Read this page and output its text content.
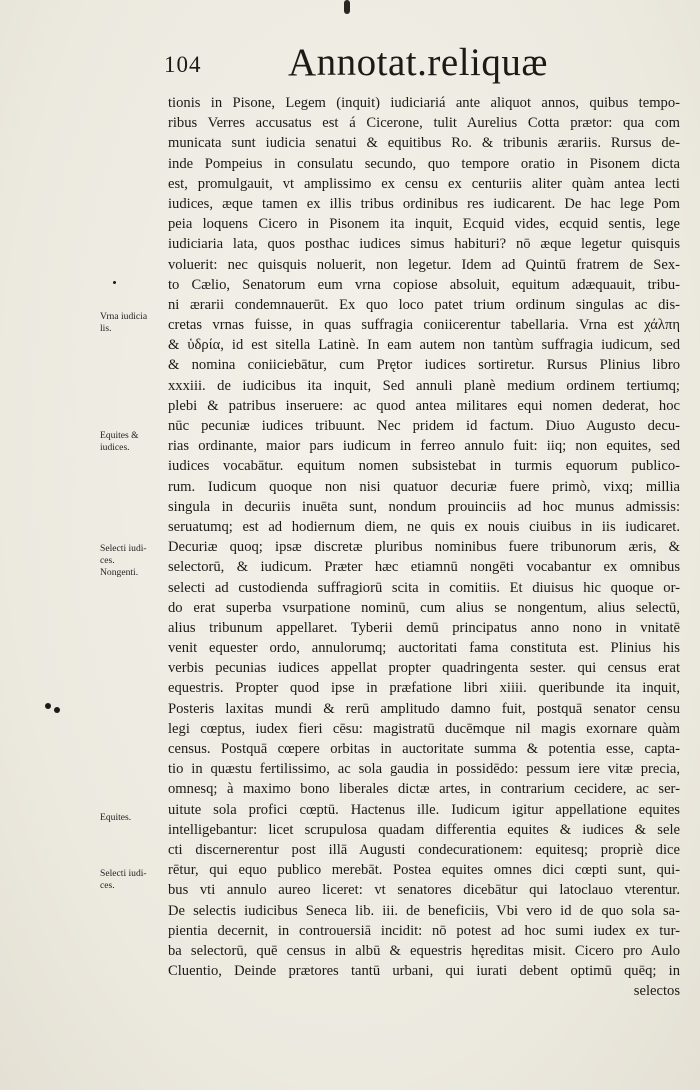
104 Annotat.reliquæ
Vrna iudicia
lis.
Equites &
iudices.
Selecti iudi-
ces.
Nongenti.
Equites.
Selecti iudi-
ces.
tionis in Pisone, Legem (inquit) iudiciariá ante aliquot annos, quibus tempo-
ribus Verres accusatus est á Cicerone, tulit Aurelius Cotta prætor: qua com
municata sunt iudicia senatui & equitibus Ro. & tribunis ærariis. Rursus de-
inde Pompeius in consulatu secundo, quo tempore oratio in Pisonem dicta
est, promulgauit, vt amplissimo ex censu ex centuriis aliter quàm antea lecti
iudices, æque tamen ex illis tribus ordinibus res iudicarent. De hac lege Pom
peia loquens Cicero in Pisonem ita inquit, Ecquid vides, ecquid sentis, lege
iudiciaria lata, quos posthac iudices simus habituri? nō æque legetur quisquis
voluerit: nec quisquis noluerit, non legetur. Idem ad Quintū fratrem de Sex-
to Cælio, Senatorum eum vrna copiose absoluit, equitum adæquauit, tribu-
ni ærarii condemnauerūt. Ex quo loco patet trium ordinum singulas ac dis-
cretas vrnas fuisse, in quas suffragia coniicerentur tabellaria. Vrna est χάλπη
& ὑδρία, id est sitella Latinè. In eam autem non tantùm suffragia iudicum, sed
& nomina coniiciebātur, cum Prętor iudices sortiretur. Rursus Plinius libro
xxxiii. de iudicibus ita inquit, Sed annuli planè medium ordinem tertiumq;
plebi & patribus inseruere: ac quod antea militares equi nomen dederat, hoc
nūc pecuniæ iudices tribuunt. Nec pridem id factum. Diuo Augusto decu-
rias ordinante, maior pars iudicum in ferreo annulo fuit: iiq; non equites, sed
iudices vocabātur. equitum nomen subsistebat in turmis equorum publico-
rum. Iudicum quoque non nisi quatuor decuriæ fuere primò, vixq; millia
singula in decuriis inuēta sunt, nondum prouinciis ad hoc munus admissis:
seruatumq; est ad hodiernum diem, ne quis ex nouis ciuibus in iis iudicaret.
Decuriæ quoq; ipsæ discretæ pluribus nominibus fuere tribunorum æris, &
selectorū, & iudicum. Præter hæc etiamnū nongēti vocabantur ex omnibus
selecti ad custodienda suffragiorū scita in comitiis. Et diuisus hic quoque or-
do erat superba vsurpatione nominū, cum alius se nongentum, alius selectū,
alius tribunum appellaret. Tyberii demū principatus anno nono in vnitatē
venit equester ordo, annulorumq; auctoritati fama constituta est. Plinius his
verbis pecunias iudices appellat propter quadringenta sester. qui census erat
equestris. Propter quod ipse in præfatione libri xiiii. queribunde ita inquit,
Posteris laxitas mundi & rerū amplitudo damno fuit, postquā senator censu
legi cœptus, iudex fieri cēsu: magistratū ducēmque nil magis exornare quàm
census. Postquā cœpere orbitas in auctoritate summa & potentia esse, capta-
tio in quæstu fertilissimo, ac sola gaudia in possidēdo: pessum iere vitæ precia,
omnesq; à maximo bono liberales dictæ artes, in contrarium cecidere, ac ser-
uitute sola profici cœptū. Hactenus ille. Iudicum igitur appellatione equites
intelligebantur: licet scrupulosa quadam differentia equites & iudices & sele
cti discernerentur post illā Augusti condecurationem: equitesq; propriè dice
rētur, qui equo publico merebāt. Postea equites omnes dici cœpti sunt, qui-
bus vti annulo aureo liceret: vt senatores dicebātur qui latoclauo vterentur.
De selectis iudicibus Seneca lib. iii. de beneficiis, Vbi vero id de quo sola sa-
pientia decernit, in controuersiā incidit: nō potest ad hoc sumi iudex ex tur-
ba selectorū, quē census in albū & equestris hęreditas misit. Cicero pro Aulo
Cluentio, Deinde prætores tantū urbani, qui iurati debent optimū quēq; in
selectos
